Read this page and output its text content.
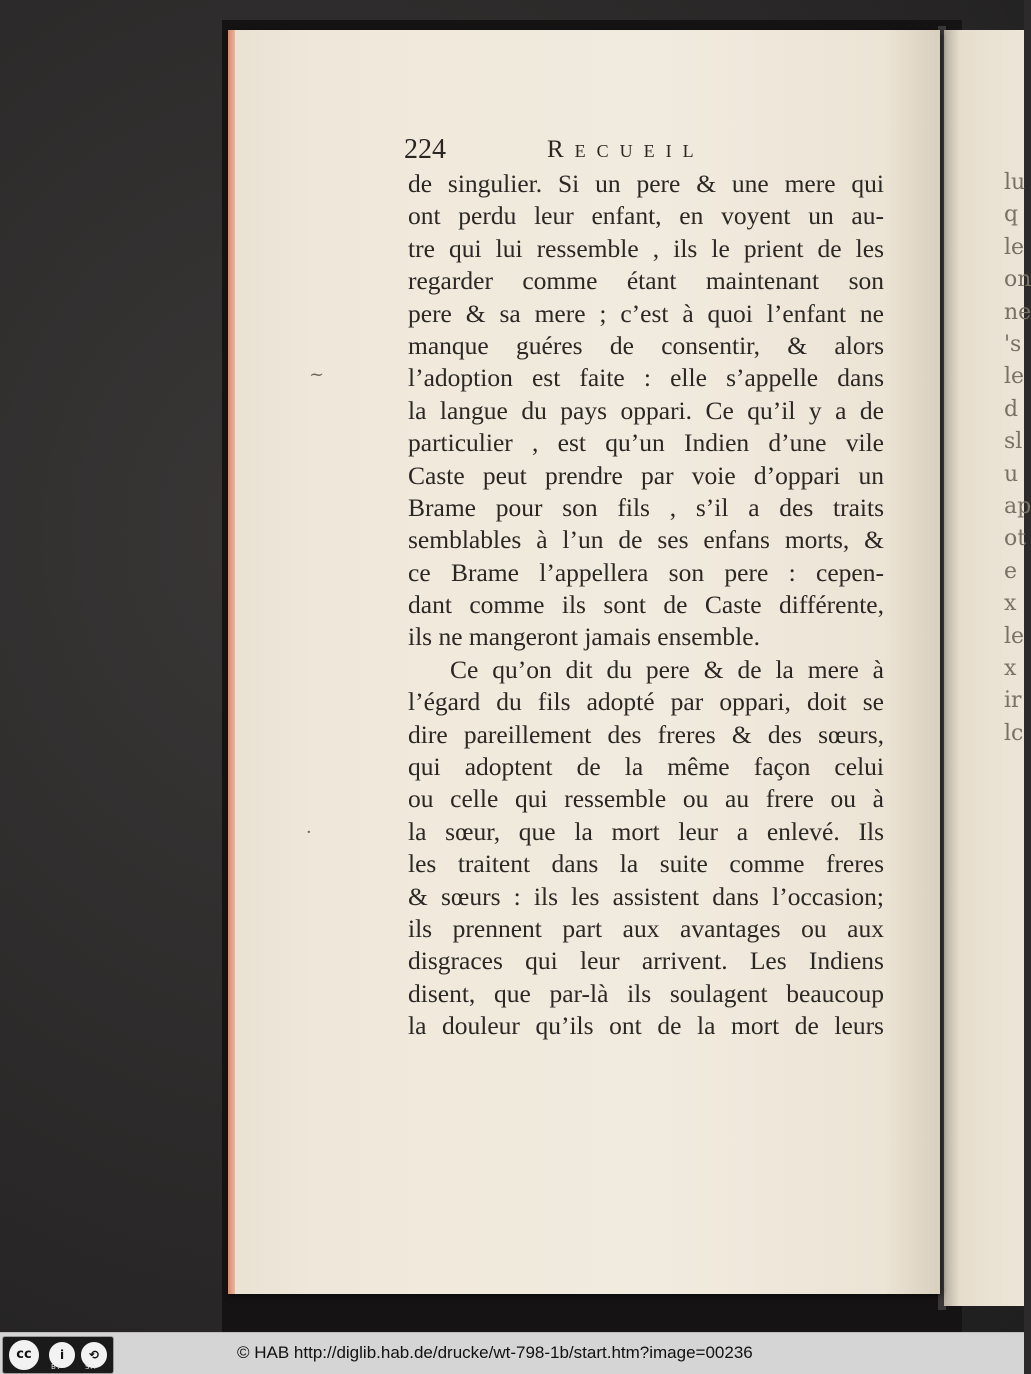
lu
q
le
on
ne
's
le
d
sl
u
ap
ot
e
x
le
x
ir
lc
224	Recueil
de singulier. Si un pere & une mere qui
ont perdu leur enfant, en voyent un au-
tre qui lui ressemble , ils le prient de les
regarder comme étant maintenant son
pere & sa mere ; c’est à quoi l’enfant ne
manque guéres de consentir, & alors
l’adoption est faite : elle s’appelle dans
la langue du pays oppari. Ce qu’il y a de
particulier , est qu’un Indien d’une vile
Caste peut prendre par voie d’oppari un
Brame pour son fils , s’il a des traits
semblables à l’un de ses enfans morts, &
ce Brame l’appellera son pere : cepen-
dant comme ils sont de Caste différente,
ils ne mangeront jamais ensemble.
Ce qu’on dit du pere & de la mere à
l’égard du fils adopté par oppari, doit se
dire pareillement des freres & des sœurs,
qui adoptent de la même façon celui
ou celle qui ressemble ou au frere ou à
la sœur, que la mort leur a enlevé. Ils
les traitent dans la suite comme freres
& sœurs : ils les assistent dans l’occasion;
ils prennent part aux avantages ou aux
disgraces qui leur arrivent. Les Indiens
disent, que par-là ils soulagent beaucoup
la douleur qu’ils ont de la mort de leurs
~
·
cc	i	⟲
BY	SA
© HAB http://diglib.hab.de/drucke/wt-798-1b/start.htm?image=00236
